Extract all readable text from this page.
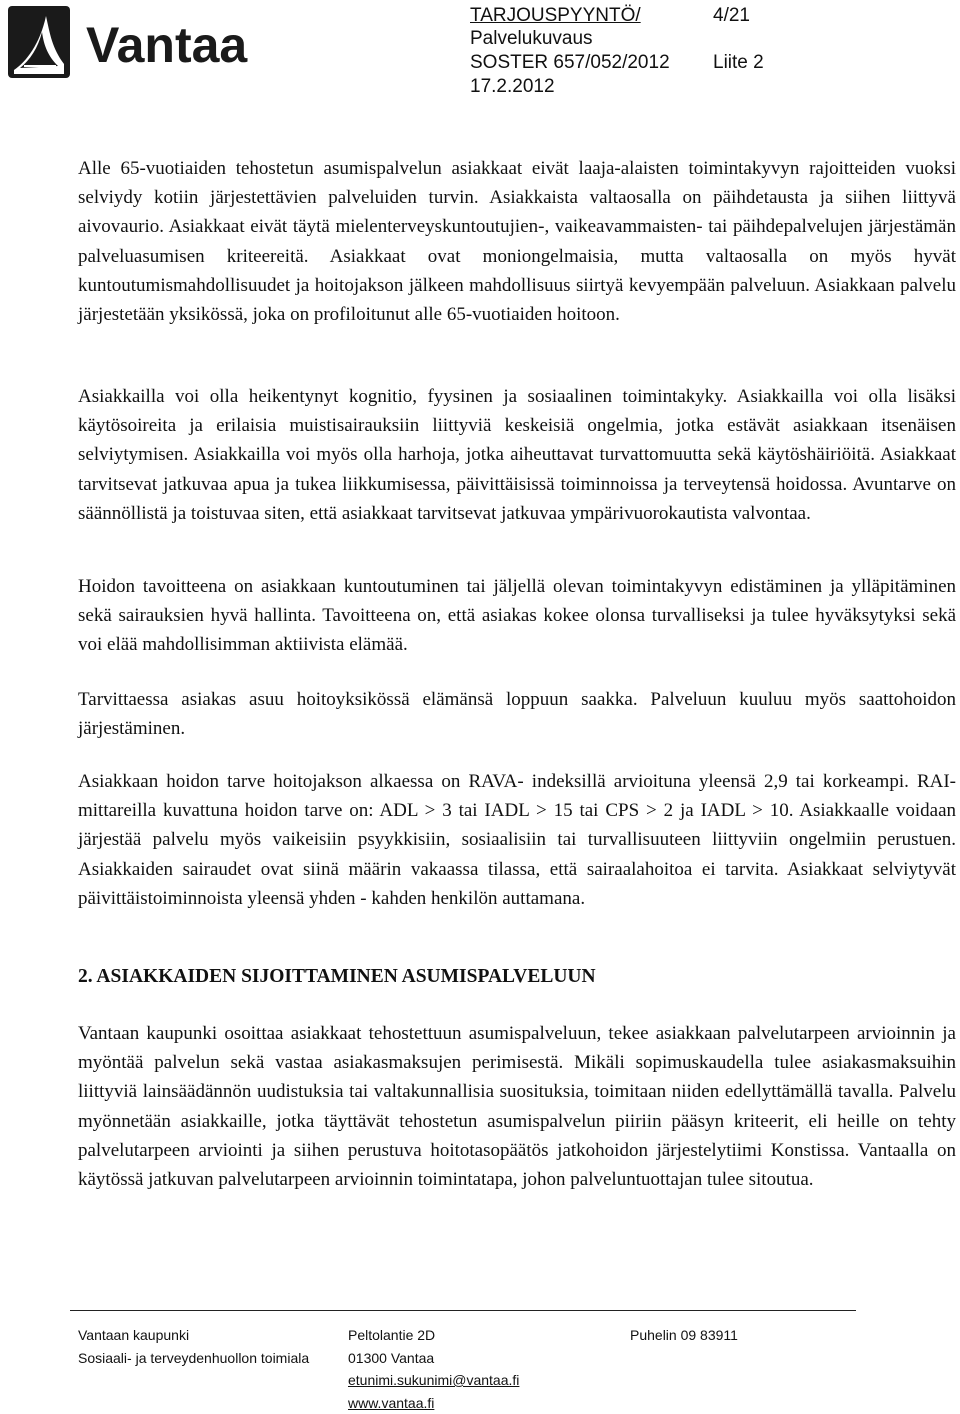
Vantaa
TARJOUSPYYNTÖ/	4/21
Palvelukuvaus
SOSTER 657/052/2012 Liite 2
17.2.2012

Alle 65-vuotiaiden tehostetun asumispalvelun asiakkaat eivät laaja-alaisten toimintakyvyn rajoitteiden vuoksi selviydy kotiin järjestettävien palveluiden turvin. Asiakkaista valtaosalla on päihdetausta ja siihen liittyvä aivovaurio. Asiakkaat eivät täytä mielenterveyskuntoutujien-, vaikeavammaisten- tai päihdepalvelujen järjestämän palveluasumisen kriteereitä. Asiakkaat ovat moniongelmaisia, mutta valtaosalla on myös hyvät kuntoutumismahdollisuudet ja hoitojakson jälkeen mahdollisuus siirtyä kevyempään palveluun. Asiakkaan palvelu järjestetään yksikössä, joka on profiloitunut alle 65-vuotiaiden hoitoon.

Asiakkailla voi olla heikentynyt kognitio, fyysinen ja sosiaalinen toimintakyky. Asiakkailla voi olla lisäksi käytösoireita ja erilaisia muistisairauksiin liittyviä keskeisiä ongelmia, jotka estävät asiakkaan itsenäisen selviytymisen. Asiakkailla voi myös olla harhoja, jotka aiheuttavat turvattomuutta sekä käytöshäiriöitä. Asiakkaat tarvitsevat jatkuvaa apua ja tukea liikkumisessa, päivittäisissä toiminnoissa ja terveytensä hoidossa. Avuntarve on säännöllistä ja toistuvaa siten, että asiakkaat tarvitsevat jatkuvaa ympärivuorokautista valvontaa.

Hoidon tavoitteena on asiakkaan kuntoutuminen tai jäljellä olevan toimintakyvyn edistäminen ja ylläpitäminen sekä sairauksien hyvä hallinta. Tavoitteena on, että asiakas kokee olonsa turvalliseksi ja tulee hyväksytyksi sekä voi elää mahdollisimman aktiivista elämää.

Tarvittaessa asiakas asuu hoitoyksikössä elämänsä loppuun saakka. Palveluun kuuluu myös saattohoidon järjestäminen.

Asiakkaan hoidon tarve hoitojakson alkaessa on RAVA- indeksillä arvioituna yleensä 2,9 tai korkeampi. RAI-mittareilla kuvattuna hoidon tarve on: ADL > 3 tai IADL > 15 tai CPS > 2 ja IADL > 10. Asiakkaalle voidaan järjestää palvelu myös vaikeisiin psyykkisiin, sosiaalisiin tai turvallisuuteen liittyviin ongelmiin perustuen. Asiakkaiden sairaudet ovat siinä määrin vakaassa tilassa, että sairaalahoitoa ei tarvita. Asiakkaat selviytyvät päivittäistoiminnoista yleensä yhden - kahden henkilön auttamana.

2. ASIAKKAIDEN SIJOITTAMINEN ASUMISPALVELUUN

Vantaan kaupunki osoittaa asiakkaat tehostettuun asumispalveluun, tekee asiakkaan palvelutarpeen arvioinnin ja myöntää palvelun sekä vastaa asiakasmaksujen perimisestä. Mikäli sopimuskaudella tulee asiakasmaksuihin liittyviä lainsäädännön uudistuksia tai valtakunnallisia suosituksia, toimitaan niiden edellyttämällä tavalla. Palvelu myönnetään asiakkaille, jotka täyttävät tehostetun asumispalvelun piiriin pääsyn kriteerit, eli heille on tehty palvelutarpeen arviointi ja siihen perustuva hoitotasopäätös jatkohoidon järjestelytiimi Konstissa. Vantaalla on käytössä jatkuvan palvelutarpeen arvioinnin toimintatapa, johon palveluntuottajan tulee sitoutua.

Vantaan kaupunki
Sosiaali- ja terveydenhuollon toimiala
Peltolantie 2D
01300 Vantaa
etunimi.sukunimi@vantaa.fi
www.vantaa.fi
Puhelin 09 83911
